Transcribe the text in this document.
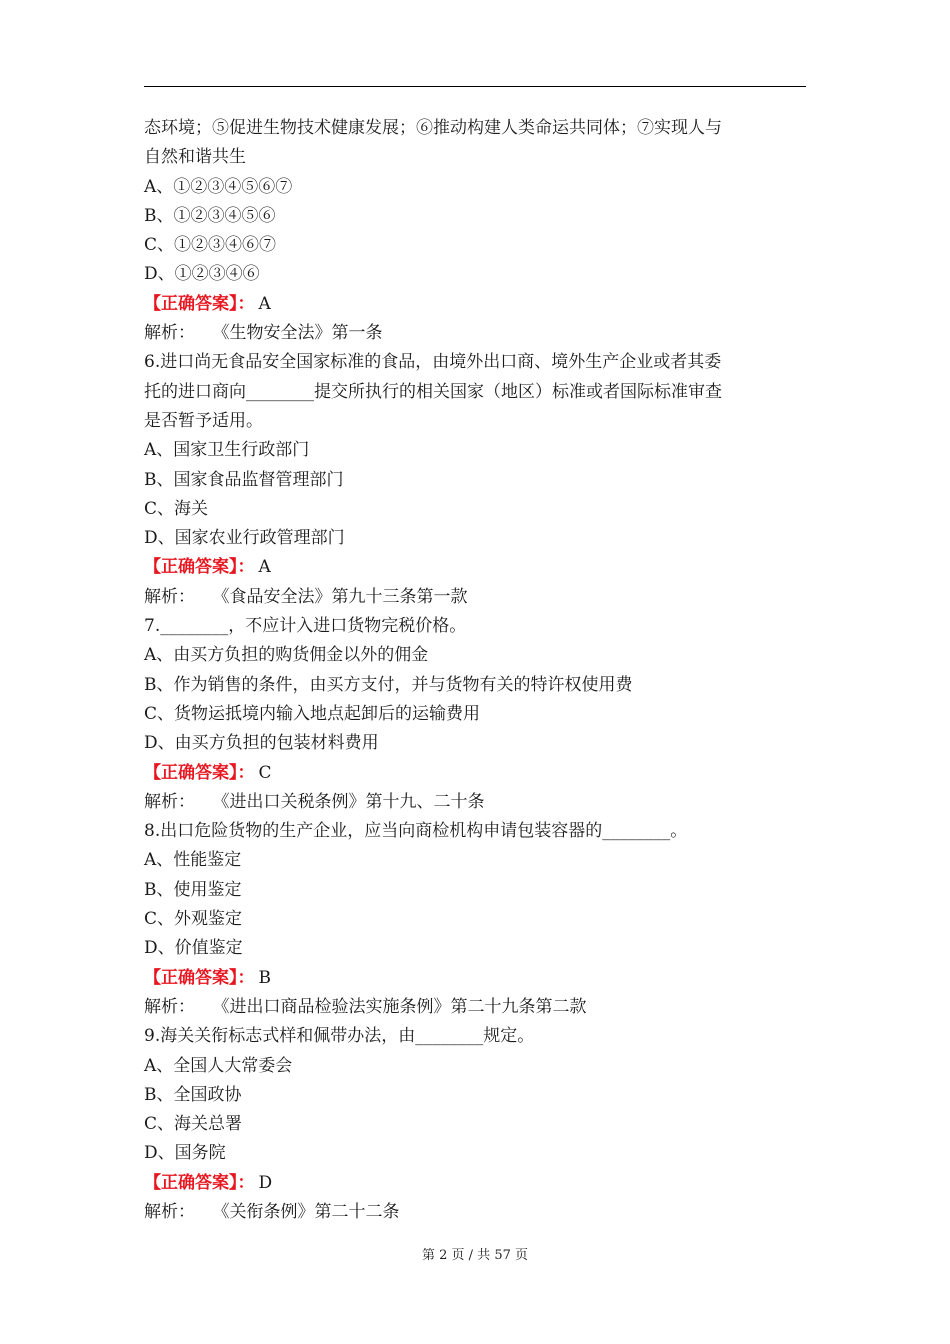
态环境；⑤促进生物技术健康发展；⑥推动构建人类命运共同体；⑦实现人与
自然和谐共生
A、①②③④⑤⑥⑦
B、①②③④⑤⑥
C、①②③④⑥⑦
D、①②③④⑥
【正确答案】： A
解析： 《生物安全法》第一条
6.进口尚无食品安全国家标准的食品，由境外出口商、境外生产企业或者其委
托的进口商向________提交所执行的相关国家（地区）标准或者国际标准审查
是否暂予适用。
A、国家卫生行政部门
B、国家食品监督管理部门
C、海关
D、国家农业行政管理部门
【正确答案】： A
解析： 《食品安全法》第九十三条第一款
7.________，不应计入进口货物完税价格。
A、由买方负担的购货佣金以外的佣金
B、作为销售的条件，由买方支付，并与货物有关的特许权使用费
C、货物运抵境内输入地点起卸后的运输费用
D、由买方负担的包装材料费用
【正确答案】： C
解析： 《进出口关税条例》第十九、二十条
8.出口危险货物的生产企业，应当向商检机构申请包装容器的________。
A、性能鉴定
B、使用鉴定
C、外观鉴定
D、价值鉴定
【正确答案】： B
解析： 《进出口商品检验法实施条例》第二十九条第二款
9.海关关衔标志式样和佩带办法，由________规定。
A、全国人大常委会
B、全国政协
C、海关总署
D、国务院
【正确答案】： D
解析： 《关衔条例》第二十二条
第 2 页 / 共 57 页
